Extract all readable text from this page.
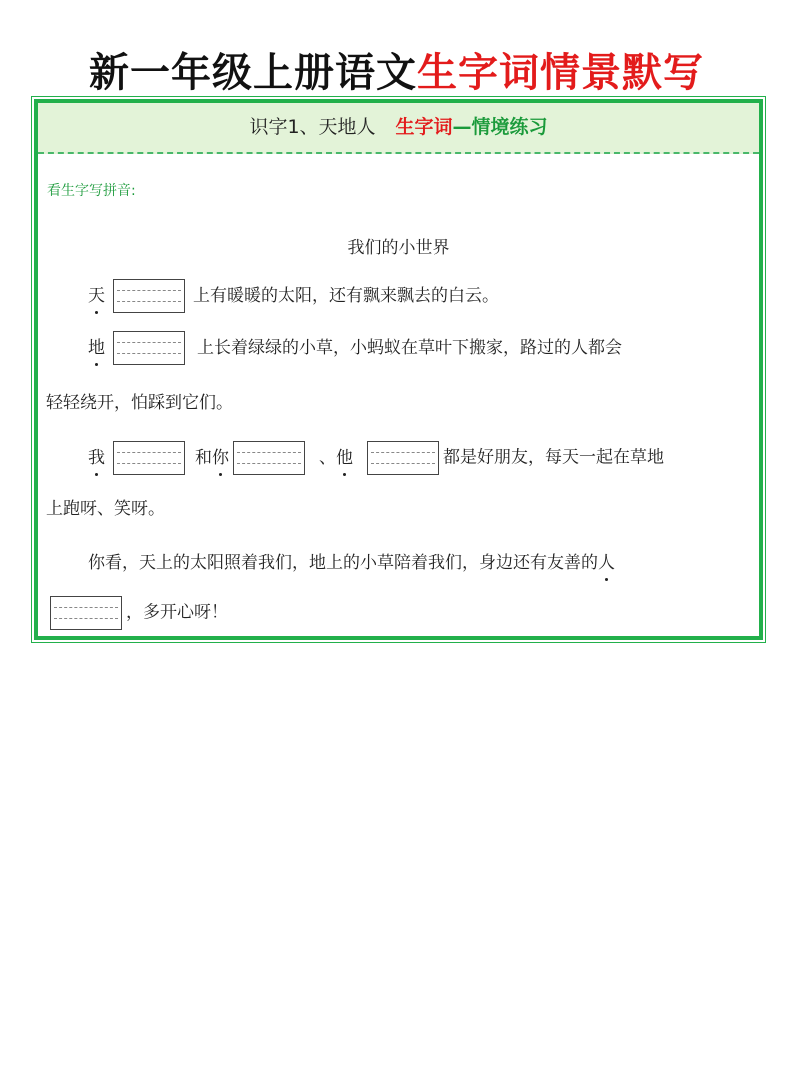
新一年级上册语文生字词情景默写
识字1、天地人 生字词—情境练习
看生字写拼音:
我们的小世界
天	上有暖暖的太阳，还有飘来飘去的白云。
地	上长着绿绿的小草，小蚂蚁在草叶下搬家，路过的人都会
轻轻绕开，怕踩到它们。
我	和你	、他	都是好朋友，每天一起在草地
上跑呀、笑呀。
你看，天上的太阳照着我们，地上的小草陪着我们，身边还有友善的人
，多开心呀！
